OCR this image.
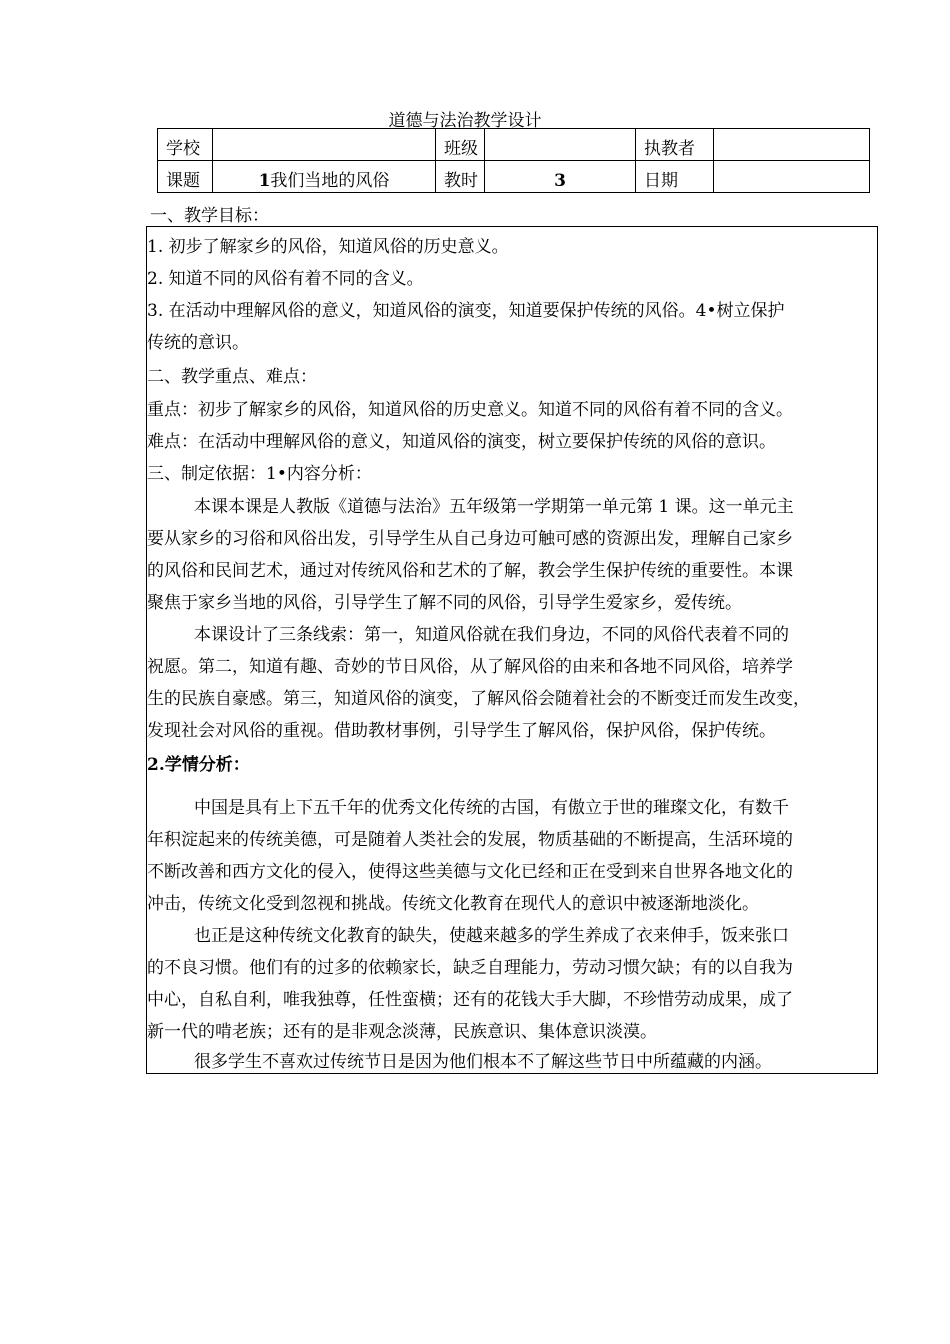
道德与法治教学设计
学校		班级		执教者	

课题	1我们当地的风俗	教时	3	日期	

一、教学目标：
1. 初步了解家乡的风俗，知道风俗的历史意义。
2. 知道不同的风俗有着不同的含义。
3. 在活动中理解风俗的意义，知道风俗的演变，知道要保护传统的风俗。4•树立保护
传统的意识。
二、教学重点、难点：
重点：初步了解家乡的风俗，知道风俗的历史意义。知道不同的风俗有着不同的含义。
难点：在活动中理解风俗的意义，知道风俗的演变，树立要保护传统的风俗的意识。
三、制定依据：1•内容分析：
本课本课是人教版《道德与法治》五年级第一学期第一单元第 1 课。这一单元主
要从家乡的习俗和风俗出发，引导学生从自己身边可触可感的资源出发，理解自己家乡
的风俗和民间艺术，通过对传统风俗和艺术的了解，教会学生保护传统的重要性。本课
聚焦于家乡当地的风俗，引导学生了解不同的风俗，引导学生爱家乡，爱传统。
本课设计了三条线索：第一，知道风俗就在我们身边，不同的风俗代表着不同的
祝愿。第二，知道有趣、奇妙的节日风俗，从了解风俗的由来和各地不同风俗，培养学
生的民族自豪感。第三，知道风俗的演变，了解风俗会随着社会的不断变迁而发生改变，
发现社会对风俗的重视。借助教材事例，引导学生了解风俗，保护风俗，保护传统。
2.学情分析：
中国是具有上下五千年的优秀文化传统的古国，有傲立于世的璀璨文化，有数千
年积淀起来的传统美德，可是随着人类社会的发展，物质基础的不断提高，生活环境的
不断改善和西方文化的侵入，使得这些美德与文化已经和正在受到来自世界各地文化的
冲击，传统文化受到忽视和挑战。传统文化教育在现代人的意识中被逐渐地淡化。
也正是这种传统文化教育的缺失，使越来越多的学生养成了衣来伸手，饭来张口
的不良习惯。他们有的过多的依赖家长，缺乏自理能力，劳动习惯欠缺；有的以自我为
中心，自私自利，唯我独尊，任性蛮横；还有的花钱大手大脚，不珍惜劳动成果，成了
新一代的啃老族；还有的是非观念淡薄，民族意识、集体意识淡漠。
很多学生不喜欢过传统节日是因为他们根本不了解这些节日中所蕴藏的内涵。
